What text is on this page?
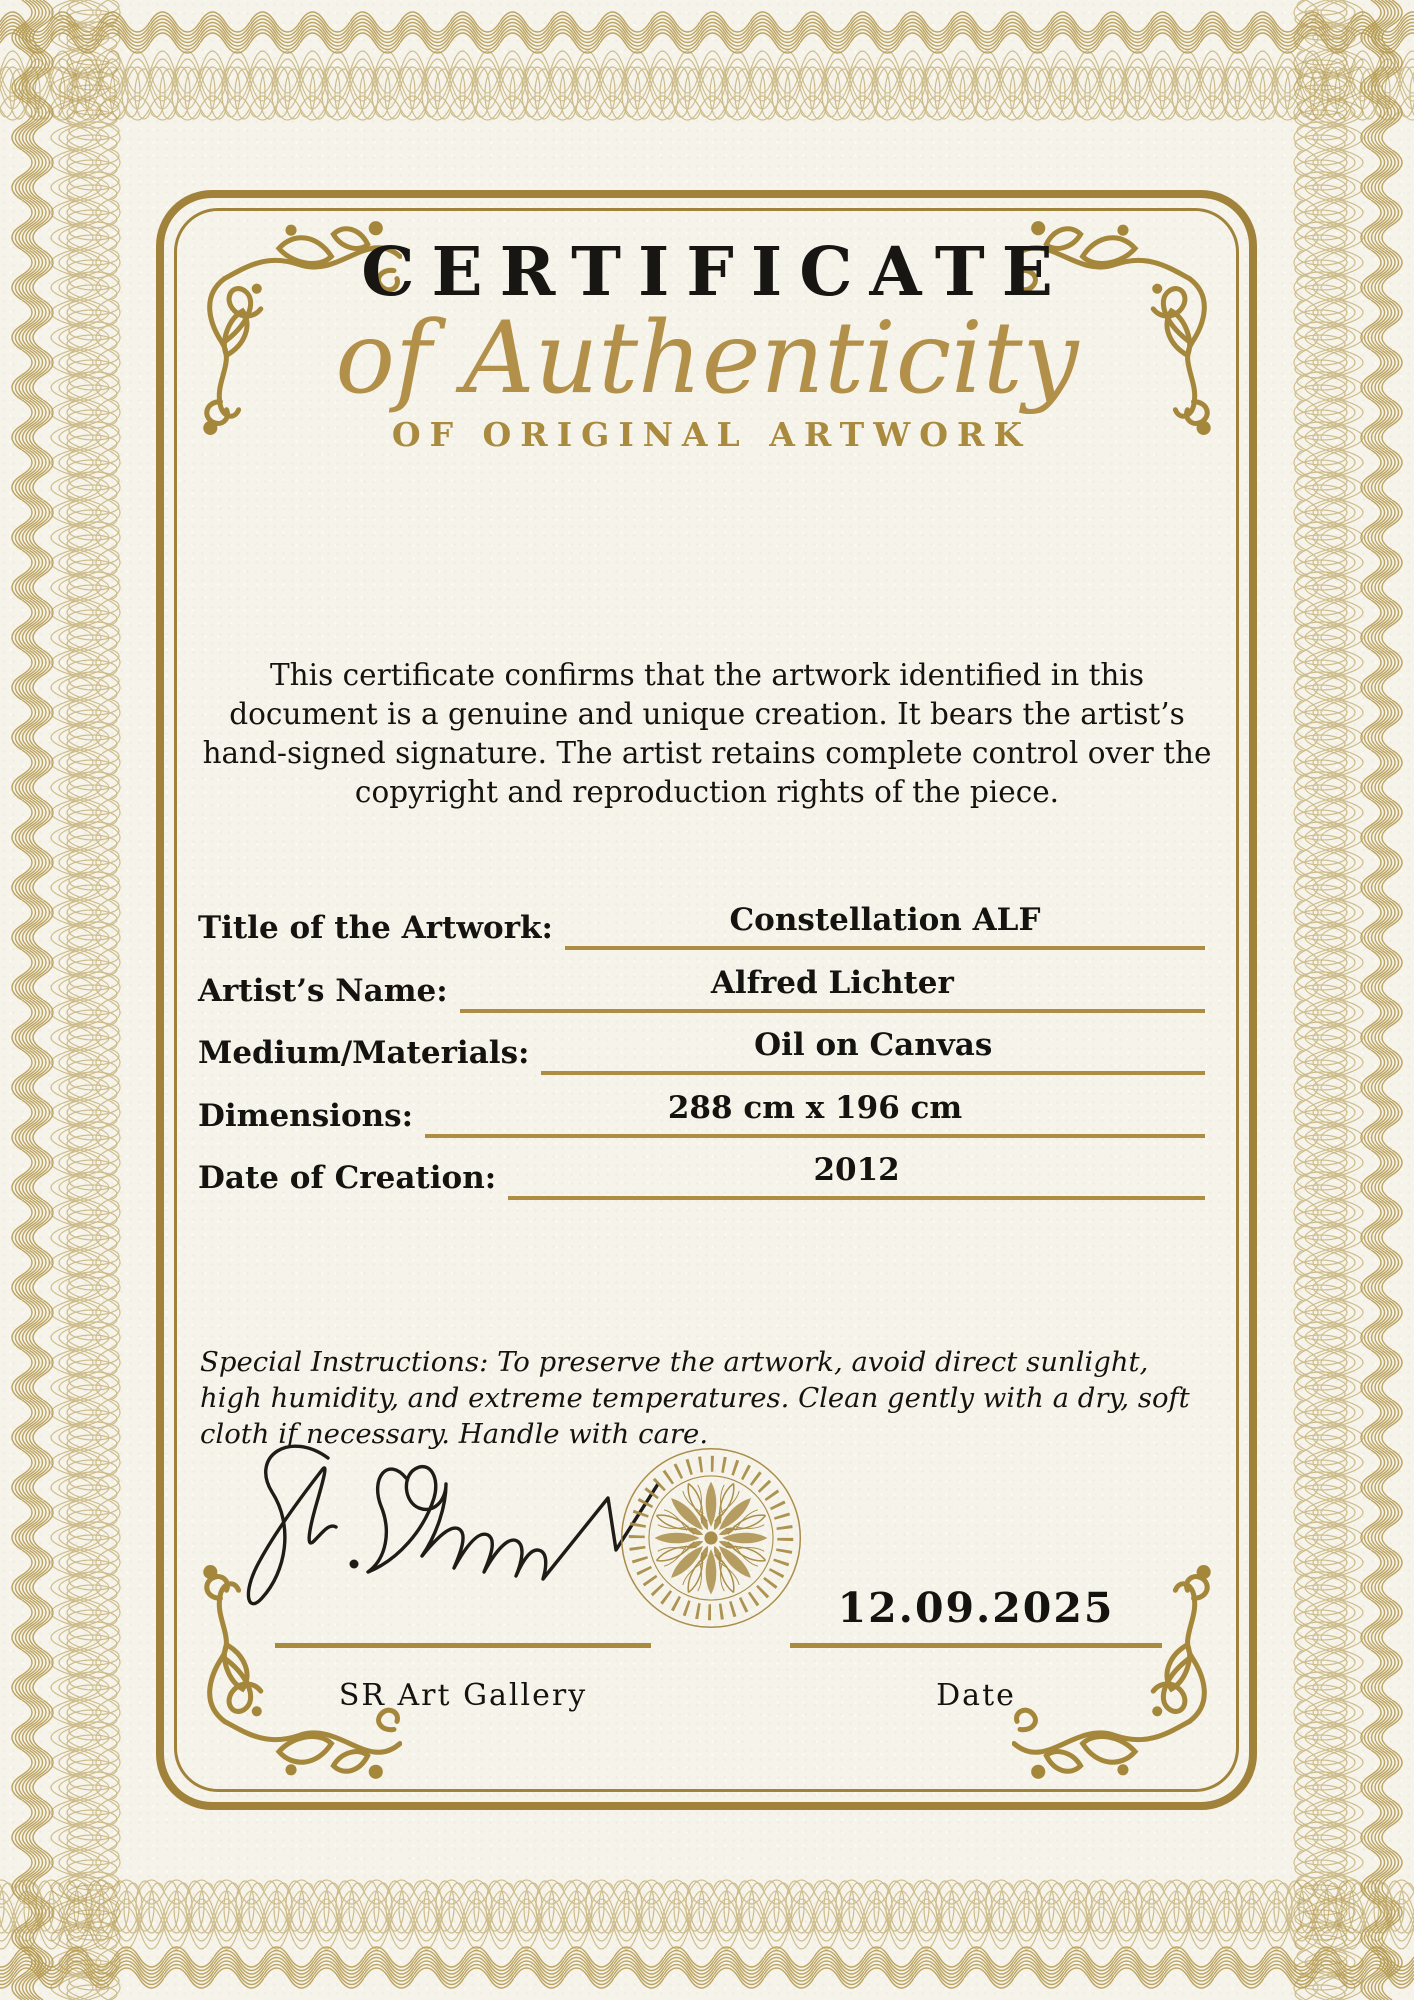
CERTIFICATE
of Authenticity
OF ORIGINAL ARTWORK

This certificate confirms that the artwork identified in this document is a genuine and unique creation. It bears the artist’s hand-signed signature. The artist retains complete control over the copyright and reproduction rights of the piece.

Title of the Artwork:	Constellation ALF
Artist’s Name:	Alfred Lichter
Medium/Materials:	Oil on Canvas
Dimensions:	288 cm x 196 cm
Date of Creation:	2012

Special Instructions: To preserve the artwork, avoid direct sunlight, high humidity, and extreme temperatures. Clean gently with a dry, soft cloth if necessary. Handle with care.

12.09.2025
SR Art Gallery	Date
